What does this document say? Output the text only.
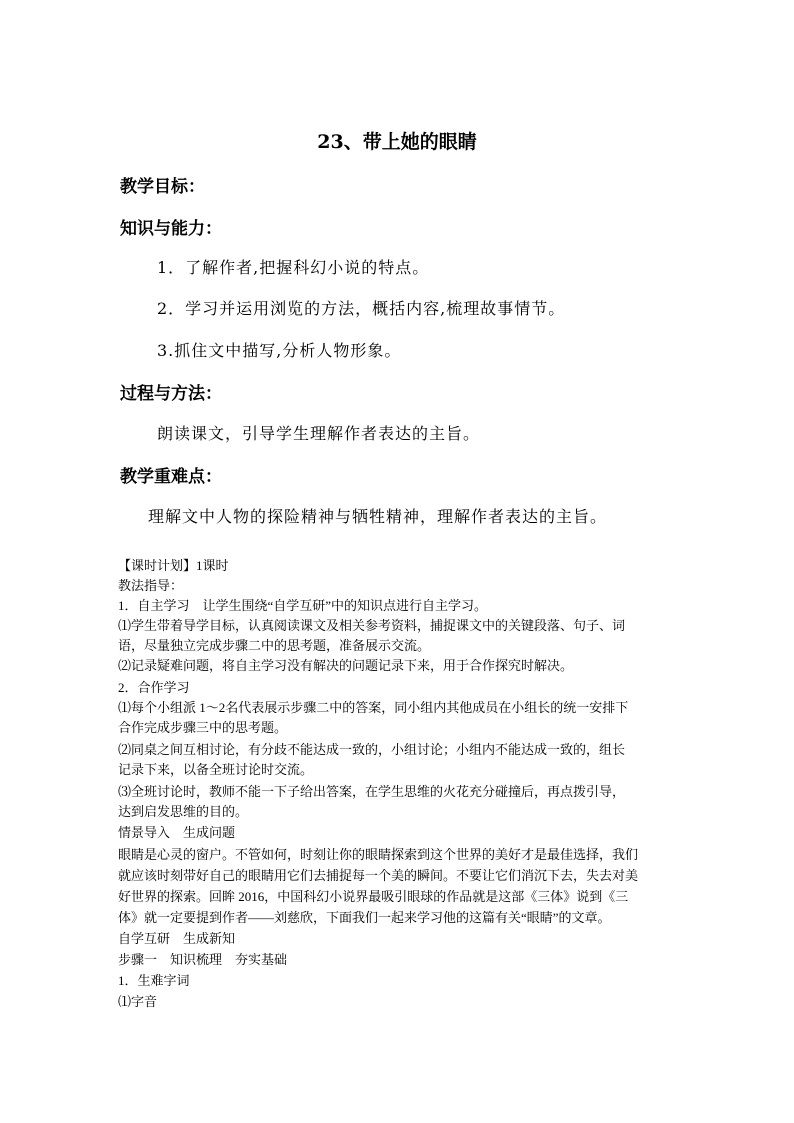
23、带上她的眼睛
教学目标：
知识与能力：
1．了解作者,把握科幻小说的特点。
2．学习并运用浏览的方法，概括内容,梳理故事情节。
3.抓住文中描写,分析人物形象。
过程与方法：
朗读课文，引导学生理解作者表达的主旨。
教学重难点：
理解文中人物的探险精神与牺牲精神，理解作者表达的主旨。
【课时计划】1课时
教法指导：
1．自主学习　让学生围绕“自学互研”中的知识点进行自主学习。
⑴学生带着导学目标，认真阅读课文及相关参考资料，捕捉课文中的关键段落、句子、词
语，尽量独立完成步骤二中的思考题，准备展示交流。
⑵记录疑难问题，将自主学习没有解决的问题记录下来，用于合作探究时解决。
2．合作学习
⑴每个小组派 1～2名代表展示步骤二中的答案，同小组内其他成员在小组长的统一安排下
合作完成步骤三中的思考题。
⑵同桌之间互相讨论，有分歧不能达成一致的，小组讨论；小组内不能达成一致的，组长
记录下来，以备全班讨论时交流。
⑶全班讨论时，教师不能一下子给出答案，在学生思维的火花充分碰撞后，再点拨引导，
达到启发思维的目的。
情景导入　生成问题
眼睛是心灵的窗户。不管如何，时刻让你的眼睛探索到这个世界的美好才是最佳选择，我们
就应该时刻带好自己的眼睛用它们去捕捉每一个美的瞬间。不要让它们消沉下去，失去对美
好世界的探索。回眸 2016，中国科幻小说界最吸引眼球的作品就是这部《三体》说到《三
体》就一定要提到作者——刘慈欣，下面我们一起来学习他的这篇有关“眼睛”的文章。
自学互研　生成新知
步骤一　知识梳理　夯实基础
1．生难字词
⑴字音
